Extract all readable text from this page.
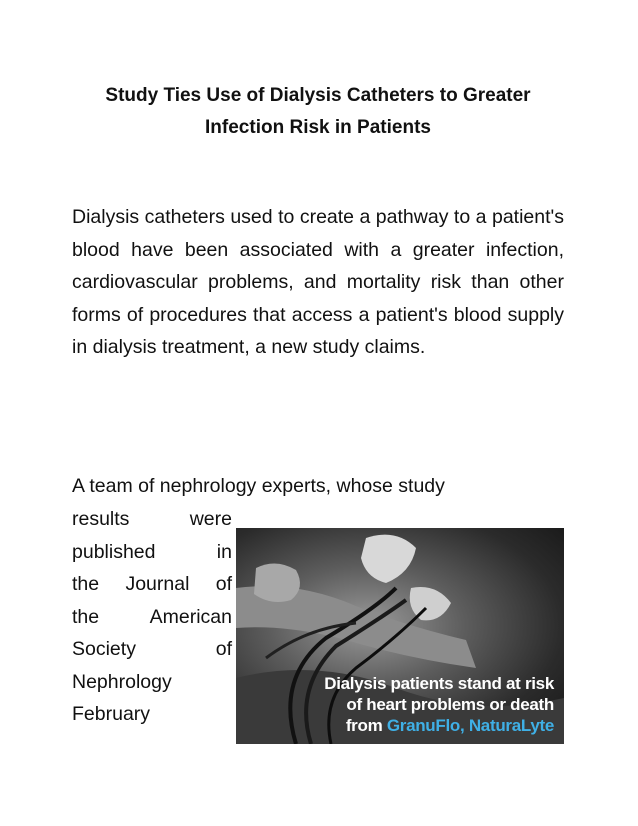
Study Ties Use of Dialysis Catheters to Greater
Infection Risk in Patients

Dialysis catheters used to create a pathway to a patient's blood have been associated with a greater infection, cardiovascular problems, and mortality risk than other forms of procedures that access a patient's blood supply in dialysis treatment, a new study claims.

A team of nephrology experts, whose study

results were
published in
the Journal of
the American
Society of
Nephrology
February
Dialysis patients stand at risk
of heart problems or death
from GranuFlo, NaturaLyte
